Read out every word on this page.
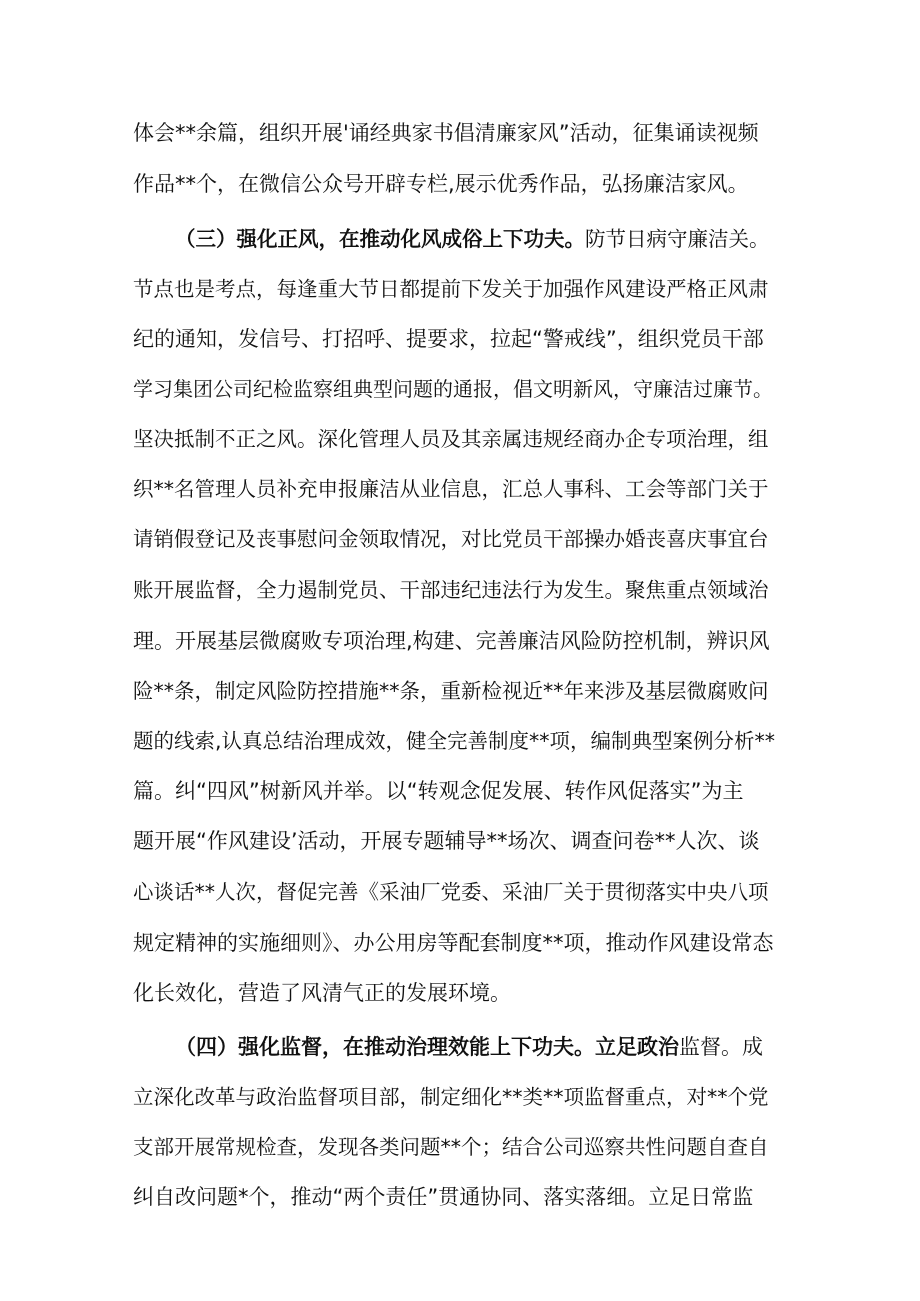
体会**余篇，组织开展'诵经典家书倡清廉家风”活动，征集诵读视频
作品**个，在微信公众号开辟专栏,展示优秀作品，弘扬廉洁家风。
（三）强化正风，在推动化风成俗上下功夫。防节日病守廉洁关。
节点也是考点，每逢重大节日都提前下发关于加强作风建设严格正风肃
纪的通知，发信号、打招呼、提要求，拉起“警戒线”，组织党员干部
学习集团公司纪检监察组典型问题的通报，倡文明新风，守廉洁过廉节。
坚决抵制不正之风。深化管理人员及其亲属违规经商办企专项治理，组
织**名管理人员补充申报廉洁从业信息，汇总人事科、工会等部门关于
请销假登记及丧事慰问金领取情况，对比党员干部操办婚丧喜庆事宜台
账开展监督，全力遏制党员、干部违纪违法行为发生。聚焦重点领域治
理。开展基层微腐败专项治理,构建、完善廉洁风险防控机制，辨识风
险**条，制定风险防控措施**条，重新检视近**年来涉及基层微腐败问
题的线索,认真总结治理成效，健全完善制度**项，编制典型案例分析**
篇。纠“四风”树新风并举。以“转观念促发展、转作风促落实”为主
题开展“作风建设’活动，开展专题辅导**场次、调查问卷**人次、谈
心谈话**人次，督促完善《采油厂党委、采油厂关于贯彻落实中央八项
规定精神的实施细则》、办公用房等配套制度**项，推动作风建设常态
化长效化，营造了风清气正的发展环境。
（四）强化监督，在推动治理效能上下功夫。立足政治监督。成
立深化改革与政治监督项目部，制定细化**类**项监督重点，对**个党
支部开展常规检查，发现各类问题**个；结合公司巡察共性问题自查自
纠自改问题*个，推动“两个责任”贯通协同、落实落细。立足日常监
